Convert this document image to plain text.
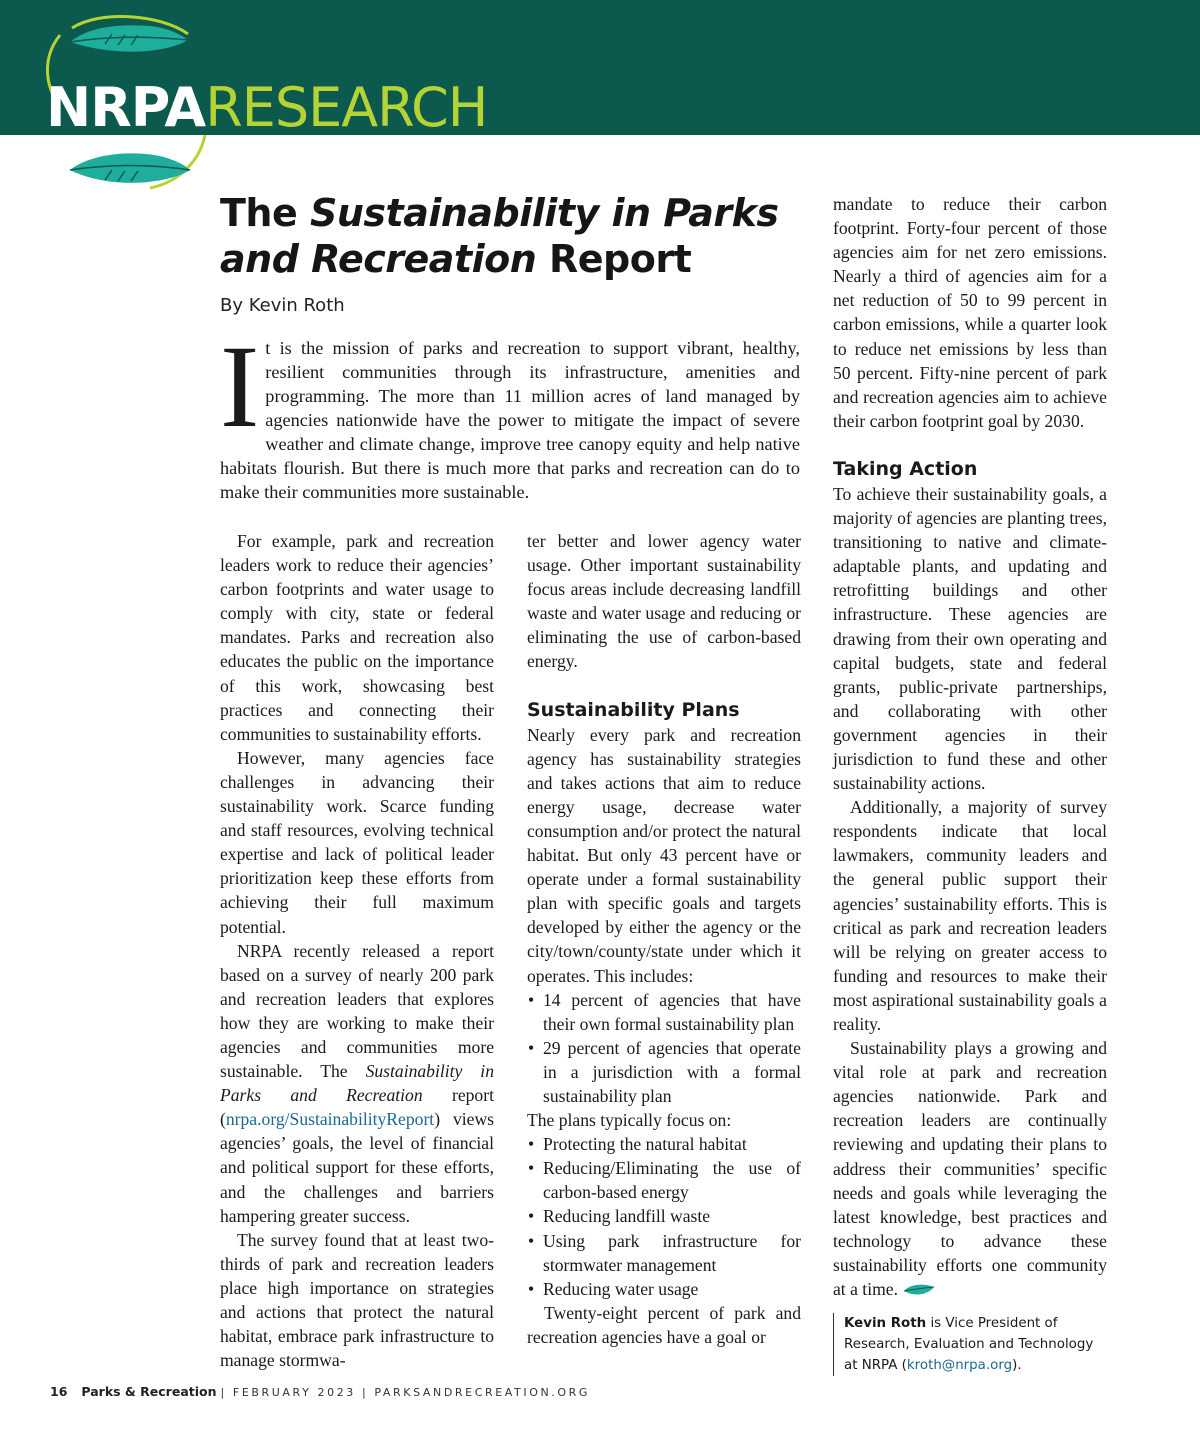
NRPARESEARCH
The Sustainability in Parks and Recreation Report
By Kevin Roth

It is the mission of parks and recreation to support vibrant, healthy, resilient communities through its infrastructure, amenities and programming. The more than 11 million acres of land managed by agencies nationwide have the power to mitigate the impact of severe weather and climate change, improve tree canopy equity and help native habitats flourish. But there is much more that parks and recreation can do to make their communities more sustainable.

For example, park and recreation leaders work to reduce their agencies’ carbon footprints and water usage to comply with city, state or federal mandates. Parks and recreation also educates the public on the importance of this work, showcasing best practices and connecting their communities to sustainability efforts.

However, many agencies face challenges in advancing their sustainability work. Scarce funding and staff resources, evolving technical expertise and lack of political leader prioritization keep these efforts from achieving their full maximum potential.

NRPA recently released a report based on a survey of nearly 200 park and recreation leaders that explores how they are working to make their agencies and communities more sustainable. The Sustainability in Parks and Recreation report (nrpa.org/SustainabilityReport) views agencies’ goals, the level of financial and political support for these efforts, and the challenges and barriers hampering greater success.

The survey found that at least two-thirds of park and recreation leaders place high importance on strategies and actions that protect the natural habitat, embrace park infrastructure to manage stormwa-

ter better and lower agency water usage. Other important sustainability focus areas include decreasing landfill waste and water usage and reducing or eliminating the use of carbon-based energy.

Sustainability Plans

Nearly every park and recreation agency has sustainability strategies and takes actions that aim to reduce energy usage, decrease water consumption and/or protect the natural habitat. But only 43 percent have or operate under a formal sustainability plan with specific goals and targets developed by either the agency or the city/town/county/state under which it operates. This includes:

• 14 percent of agencies that have their own formal sustainability plan
• 29 percent of agencies that operate in a jurisdiction with a formal sustainability plan

The plans typically focus on:

• Protecting the natural habitat
• Reducing/Eliminating the use of carbon-based energy
• Reducing landfill waste
• Using park infrastructure for stormwater management
• Reducing water usage

Twenty-eight percent of park and recreation agencies have a goal or

mandate to reduce their carbon footprint. Forty-four percent of those agencies aim for net zero emissions. Nearly a third of agencies aim for a net reduction of 50 to 99 percent in carbon emissions, while a quarter look to reduce net emissions by less than 50 percent. Fifty-nine percent of park and recreation agencies aim to achieve their carbon footprint goal by 2030.

Taking Action

To achieve their sustainability goals, a majority of agencies are planting trees, transitioning to native and climate-adaptable plants, and updating and retrofitting buildings and other infrastructure. These agencies are drawing from their own operating and capital budgets, state and federal grants, public-private partnerships, and collaborating with other government agencies in their jurisdiction to fund these and other sustainability actions.

Additionally, a majority of survey respondents indicate that local lawmakers, community leaders and the general public support their agencies’ sustainability efforts. This is critical as park and recreation leaders will be relying on greater access to funding and resources to make their most aspirational sustainability goals a reality.

Sustainability plays a growing and vital role at park and recreation agencies nationwide. Park and recreation leaders are continually reviewing and updating their plans to address their communities’ specific needs and goals while leveraging the latest knowledge, best practices and technology to advance these sustainability efforts one community at a time.

Kevin Roth is Vice President of Research, Evaluation and Technology at NRPA (kroth@nrpa.org).
16 Parks & Recreation | FEBRUARY 2023 | PARKSANDRECREATION.ORG
